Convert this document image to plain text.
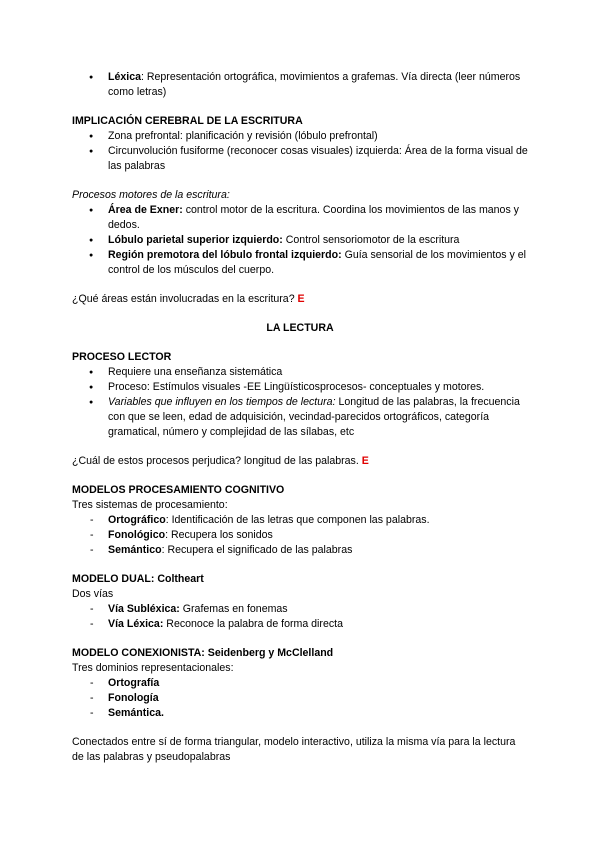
● Léxica: Representación ortográfica, movimientos a grafemas. Vía directa (leer números como letras)

IMPLICACIÓN CEREBRAL DE LA ESCRITURA

● Zona prefrontal: planificación y revisión (lóbulo prefrontal)
● Circunvolución fusiforme (reconocer cosas visuales) izquierda: Área de la forma visual de las palabras

Procesos motores de la escritura:

● Área de Exner: control motor de la escritura. Coordina los movimientos de las manos y dedos.
● Lóbulo parietal superior izquierdo: Control sensoriomotor de la escritura
● Región premotora del lóbulo frontal izquierdo: Guía sensorial de los movimientos y el control de los músculos del cuerpo.

¿Qué áreas están involucradas en la escritura? E

LA LECTURA

PROCESO LECTOR

● Requiere una enseñanza sistemática
● Proceso: Estímulos visuales -EE Lingüísticosprocesos- conceptuales y motores.
● Variables que influyen en los tiempos de lectura: Longitud de las palabras, la frecuencia con que se leen, edad de adquisición, vecindad-parecidos ortográficos, categoría gramatical, número y complejidad de las sílabas, etc

¿Cuál de estos procesos perjudica? longitud de las palabras. E

MODELOS PROCESAMIENTO COGNITIVO

Tres sistemas de procesamiento:

- Ortográfico: Identificación de las letras que componen las palabras.
- Fonológico: Recupera los sonidos
- Semántico: Recupera el significado de las palabras

MODELO DUAL: Coltheart

Dos vías

- Vía Subléxica: Grafemas en fonemas
- Vía Léxica: Reconoce la palabra de forma directa

MODELO CONEXIONISTA: Seidenberg y McClelland

Tres dominios representacionales:

- Ortografía
- Fonología
- Semántica.

Conectados entre sí de forma triangular, modelo interactivo, utiliza la misma vía para la lectura de las palabras y pseudopalabras
